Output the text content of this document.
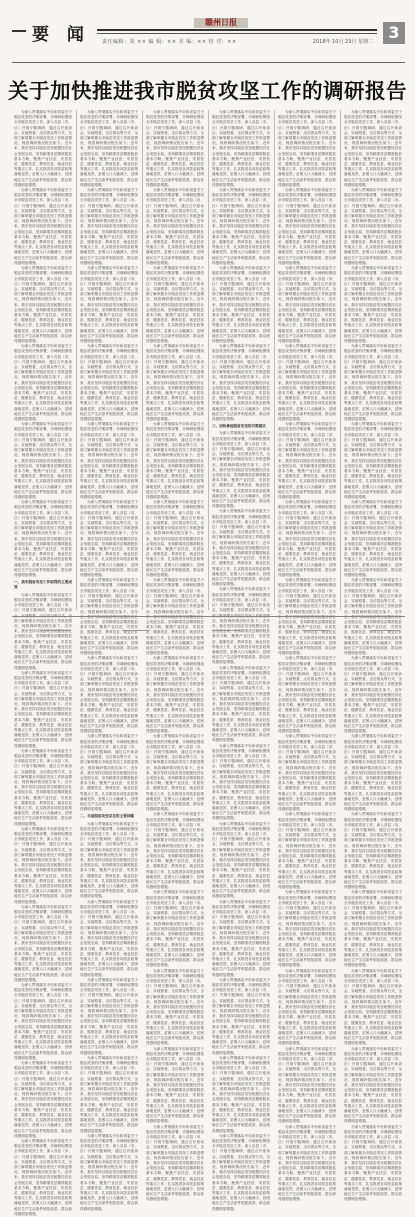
要 闻
赣州日报
责任编辑：刘 ×× 编 辑：×× 美 编：×× 校 对：××	2018年 10月 23日 星期二 3
关于加快推进我市脱贫攻坚工作的调研报告

为深入贯彻落实中央和省委关于脱贫攻坚的决策部署，市调研组围绕全市脱贫攻坚工作，深入各县（市、区）开展专题调研，通过召开座谈会、实地察看、走访群众等方式，全面了解掌握全市脱贫攻坚工作推进情况，现将调研情况报告如下。近年来，我市坚持以脱贫攻坚统揽经济社会发展全局，坚持精准扶贫精准脱贫基本方略，聚焦产业扶贫、安居扶贫、健康扶贫、教育扶贫、就业扶贫等重点工作，扎实推进各项扶贫政策落地见效，贫困人口大幅减少，贫困地区生产生活条件明显改善，群众获得感明显增强。

为深入贯彻落实中央和省委关于脱贫攻坚的决策部署，市调研组围绕全市脱贫攻坚工作，深入各县（市、区）开展专题调研，通过召开座谈会、实地察看、走访群众等方式，全面了解掌握全市脱贫攻坚工作推进情况，现将调研情况报告如下。近年来，我市坚持以脱贫攻坚统揽经济社会发展全局，坚持精准扶贫精准脱贫基本方略，聚焦产业扶贫、安居扶贫、健康扶贫、教育扶贫、就业扶贫等重点工作，扎实推进各项扶贫政策落地见效，贫困人口大幅减少，贫困地区生产生活条件明显改善，群众获得感明显增强。

为深入贯彻落实中央和省委关于脱贫攻坚的决策部署，市调研组围绕全市脱贫攻坚工作，深入各县（市、区）开展专题调研，通过召开座谈会、实地察看、走访群众等方式，全面了解掌握全市脱贫攻坚工作推进情况，现将调研情况报告如下。近年来，我市坚持以脱贫攻坚统揽经济社会发展全局，坚持精准扶贫精准脱贫基本方略，聚焦产业扶贫、安居扶贫、健康扶贫、教育扶贫、就业扶贫等重点工作，扎实推进各项扶贫政策落地见效，贫困人口大幅减少，贫困地区生产生活条件明显改善，群众获得感明显增强。

为深入贯彻落实中央和省委关于脱贫攻坚的决策部署，市调研组围绕全市脱贫攻坚工作，深入各县（市、区）开展专题调研，通过召开座谈会、实地察看、走访群众等方式，全面了解掌握全市脱贫攻坚工作推进情况，现将调研情况报告如下。近年来，我市坚持以脱贫攻坚统揽经济社会发展全局，坚持精准扶贫精准脱贫基本方略，聚焦产业扶贫、安居扶贫、健康扶贫、教育扶贫、就业扶贫等重点工作，扎实推进各项扶贫政策落地见效，贫困人口大幅减少，贫困地区生产生活条件明显改善，群众获得感明显增强。

为深入贯彻落实中央和省委关于脱贫攻坚的决策部署，市调研组围绕全市脱贫攻坚工作，深入各县（市、区）开展专题调研，通过召开座谈会、实地察看、走访群众等方式，全面了解掌握全市脱贫攻坚工作推进情况，现将调研情况报告如下。近年来，我市坚持以脱贫攻坚统揽经济社会发展全局，坚持精准扶贫精准脱贫基本方略，聚焦产业扶贫、安居扶贫、健康扶贫、教育扶贫、就业扶贫等重点工作，扎实推进各项扶贫政策落地见效，贫困人口大幅减少，贫困地区生产生活条件明显改善，群众获得感明显增强。

为深入贯彻落实中央和省委关于脱贫攻坚的决策部署，市调研组围绕全市脱贫攻坚工作，深入各县（市、区）开展专题调研，通过召开座谈会、实地察看、走访群众等方式，全面了解掌握全市脱贫攻坚工作推进情况，现将调研情况报告如下。近年来，我市坚持以脱贫攻坚统揽经济社会发展全局，坚持精准扶贫精准脱贫基本方略，聚焦产业扶贫、安居扶贫、健康扶贫、教育扶贫、就业扶贫等重点工作，扎实推进各项扶贫政策落地见效，贫困人口大幅减少，贫困地区生产生活条件明显改善，群众获得感明显增强。

一、我市脱贫攻坚工作取得的主要成效

为深入贯彻落实中央和省委关于脱贫攻坚的决策部署，市调研组围绕全市脱贫攻坚工作，深入各县（市、区）开展专题调研，通过召开座谈 面了解掌握全市脱贫攻坚工作推进情况，现将调研情况报告如下。近年来，我市坚持以脱贫攻坚统揽经济社会发展全局，坚持精准扶贫精准脱贫基本方略，聚焦产业扶贫、安居扶贫、健康扶贫、教育扶贫、就业扶贫等重点工作，扎实推进各项扶贫政策落地见效，贫困人口大幅减少，贫困地区生产生活条件明显改善，群众获得感明显增强。

为深入贯彻落实中央和省委关于脱贫攻坚的决策部署，市调研组围绕全市脱贫攻坚工作，深入各县（市、区）开展专题调研，通过召开座谈会、实地察看、走访群众等方式，全面了解掌握全市脱贫攻坚工作推进情况，现将调研情况报告如下。近年来，我市坚持以脱贫攻坚统揽经济社会发展全局，坚持精准扶贫精准脱贫基本方略，聚焦产业扶贫、安居扶贫、健康扶贫、教育扶贫、就业扶贫等重点工作，扎实推进各项扶贫政策落地见效，贫困人口大幅减少，贫困地区生产生活条件明显改善，群众获得感明显增强。

为深入贯彻落实中央和省委关于脱贫攻坚的决策部署，市调研组围绕全市脱贫攻坚工作，深入各县（市、区）开展专题调研，通过召开座谈会、实地察看、走访群众等方式，全面了解掌握全市脱贫攻坚工作推进情况，现将调研情况报告如下。近年来，我市坚持以脱贫攻坚统揽经济社会发展全局，坚持精准扶贫精准脱贫基本方略，聚焦产业扶贫、安居扶贫、健康扶贫、教育扶贫、就业扶贫等重点工作，扎实推进各项扶贫政策落地见效，贫困人口大幅减少，贫困地区生产生活条件明显改善，群众获得感明显增强。

为深入贯彻落实中央和省委关于脱贫攻坚的决策部署，市调研组围绕全市脱贫攻坚工作，深入各县（市、区）开展专题调研，通过召开座谈会、实地察看、走访群众等方式，全面了解掌握全市脱贫攻坚工作推进情况，现将调研情况报告如下。近年来，我市坚持以脱贫攻坚统揽经济社会发展全局，坚持精准扶贫精准脱贫基本方略，聚焦产业扶贫、安居扶贫、健康扶贫、教育扶贫、就业扶贫等重点工作，扎实推进各项扶贫政策落地见效，贫困人口大幅减少，贫困地区生产生活条件明显改善，群众获得感明显增强。

为深入贯彻落实中央和省委关于脱贫攻坚的决策部署，市调研组围绕全市脱贫攻坚工作，深入各县（市、区）开展专题调研，通过召开座谈会、实地察看、走访群众等方式，全面了解掌握全市脱贫攻坚工作推进情况，现将调研情况报告如下。近年来，我市坚持以脱贫攻坚统揽经济社会发展全局，坚持精准扶贫精准脱贫基本方略，聚焦产业扶贫、安居扶贫、健康扶贫、教育扶贫、就业扶贫等重点工作，扎实推进各项扶贫政策落地见效，贫困人口大幅减少，贫困地区生产生活条件明显改善，群众获得感明显增强。

为深入贯彻落实中央和省委关于脱贫攻坚的决策部署，市调研组围绕全市脱贫攻坚工作，深入各县（市、区）开展专题调研，通过召开座谈会、实地察看、走访群众等方式，全面了解掌握全市脱贫攻坚工作推进情况，现将调研情况报告如下。近年来，我市坚持以脱贫攻坚统揽经济社会发展全局，坚持精准扶贫精准脱贫基本方略，聚焦产业扶贫、安居扶贫、健康扶贫、教育扶贫、就业扶贫等重点工作，扎实推进各项扶贫政策落地见效，贫困人口大幅减少，贫困地区生产生活条件明显改善，群众获得感明显增强。

为深入贯彻落实中央和省委关于脱贫攻坚的决策部署，市调研组围绕全市脱贫攻坚工作，深入各县（市、区）开展专题调研，通过召开座谈会、实地察看、走访群众等方式，全面了解掌握全市脱贫攻坚工作推进情况，现将调研情况报告如下。近年来，我市坚持以脱贫攻坚统揽经济社会发展全局，坚持精准扶贫精准脱贫基本方略，聚焦产业扶贫、安居扶贫、健康扶贫、教育扶贫、就业扶贫等重点工作，扎实推进各项扶贫政策落地见效，贫困人口大幅减少，贫困地区生产生活条件明显改善，群众获得感明显增强。

为深入贯彻落实中央和省委关于脱贫攻坚的决策部署，市调研组围绕全市脱贫攻坚工作，深入各县（市、区）开展专题调研，通过召开座谈会、实地察看、走访群众等方式，全面了解掌握全市脱贫攻坚工作推进情况，现将调研情况报告如下。近年来，我市坚持以脱贫攻坚统揽经济社会发展全局，坚持精准扶贫精准脱贫基本方略，聚焦产业扶贫、安居扶贫、健康扶贫、教育扶贫、就业扶贫等重点工作，扎实推进各项扶贫政策落地见效，贫困人口大幅减少，贫困地区生产生活条件明显改善，群众获得感明显增强。

为深入贯彻落实中央和省委关于脱贫攻坚的决策部署，市调研组围绕全市脱贫攻坚工作，深入各县（市、区）开展专题调研，通过召开座谈会、实地察看、走访群众等方式，全面了解掌握全市脱贫攻坚工作推进情况，现将调研情况报告如下。近年来，我市坚持以脱贫攻坚统揽经济社会发展全局，坚持精准扶贫精准脱贫基本方略，聚焦产业扶贫、安居扶贫、健康扶贫、教育扶贫、就业扶贫等重点工作，扎实推进各项扶贫政策落地见效，贫困人口大幅减少，贫困地区生产生活条件明显改善，群众获得感明显增强。

为深入贯彻落实中央和省委关于脱贫攻坚的决策部署，市调研组围绕全市脱贫攻坚工作，深入各县（市、区）开展专题调研，通过召开座谈会、实地察看、走访群众等方式，全面了解掌握全市脱贫攻坚工作推进情况，现将调研情况报告如下。近年来，我市坚持以脱贫攻坚统揽经济社会发展全局，坚持精准扶贫精准脱贫基本方略，聚焦产业扶贫、安居扶贫、健康扶贫、教育扶贫、就业扶贫等重点工作，扎实推进各项扶贫政策落地见效，贫困人口大幅减少，贫困地区生产生活条件明显改善，群众获得感明显增强。

为深入贯彻落实中央和省委关于脱贫攻坚的决策部署，市调研组围绕全市脱贫攻坚工作，深入各县（市、区）开展专题调研，通过召开座谈会、实地察看、走访群众等方式，全面了解掌握全市脱贫攻坚工作推进情况，现将调研情况报告如下。近年来，我市坚持以脱贫攻坚统揽经济社会发展全局，坚持精准扶贫精准脱贫基本方略，聚焦产业扶贫、安居扶贫、健康扶贫、教育扶贫、就业扶贫等重点工作，扎实推进各项扶贫政策落地见效，贫困人口大幅减少，贫困地区生产生活条件明显改善，群众获得感明显增强。

为深入贯彻落实中央和省委关于脱贫攻坚的决策部署，市调研组围绕全市脱贫攻坚工作，深入各县（市、区）开展专题调研，通过召开座谈会、实地察看、走访群众等方式，全面了解掌握全市脱贫攻坚工作推进情况，现将调研情况报告如下。近年来，我市坚持以脱贫攻坚统揽经济社会发展全局，坚持精准扶贫精准脱贫基本方略，聚焦产业扶贫、安居扶贫、健康扶贫、教育扶贫、就业扶贫等重点工作，扎实推进各项扶贫政策落地见效，贫困人口大幅减少，贫困地区生产生活条件明显改善，群众获得感明显增强。

为深入贯彻落实中央和省委关于脱贫攻坚的决策部署，市调研组围绕全市脱贫攻坚工作，深入各县（市、区）开展专题调研，通过召开座谈会、实地察看、走访群众等方式，全面了解掌握全市脱贫攻坚工作推进情况，现将调研情况报告如下。近年来，我市坚持以脱贫攻坚统揽经济社会发展全局，坚持精准扶贫精准脱贫基本方略，聚焦产业扶贫、安居扶贫、健康扶贫、教育扶贫、就业扶贫等重点工作，扎实推进各项扶贫政策落地见效，贫困人口大幅减少，贫困地区生产生活条件明显改善，群众获得感明显增强。

为深入贯彻落实中央和省委关于脱贫攻坚的决策部署，市调研组围绕全市脱贫攻坚工作，深入各县（市、区）开展专题调研，通过召开座谈会、实地察看、走访群众等方式，全面了解掌握全市脱贫攻坚工作推进情况，现将调研情况报告如下。近年来，我市坚持以脱贫攻坚统揽经济社会发展全局，坚持精准扶贫精准脱贫基本方略，聚焦产业扶贫、安居扶贫、健康扶贫、教育扶贫、就业扶贫等重点工作，扎实推进各项扶贫政策落地见效，贫困人口大幅减少，贫困地区生产生活条件明显改善，群众获得感明显增强。

为深入贯彻落实中央和省委关于脱贫攻坚的决策部署，市调研组围绕全市脱贫攻坚工作，深入各县（市、区）开展专题调研，通过召开座谈会、实地察看、走访群众等方式，全面了解掌握全市脱贫攻坚工作推进情况，现将调研情况报告如下。近年 会发展全局，坚持精准扶贫精准脱贫基本方略，聚焦产业扶贫、安居扶贫、健康扶贫、教育扶贫、就业扶贫等重点工作，扎实推进各项扶贫政策落地见效，贫困人口大幅减少，贫困地区生产生活条件明显改善，群众获得感明显增强。

为深入贯彻落实中央和省委关于脱贫攻坚的决策部署，市调研组围绕全市脱贫攻坚工作，深入各县（市、区）开展专题调研，通过召开座谈会、实地察看、走访群众等方式，全面了解掌握全市脱贫攻坚工作推进情况，现将调研情况报告如下。近年来，我市坚持以脱贫攻坚统揽经济社会发展全局，坚持精准扶贫精准脱贫基本方略，聚焦产业扶贫、安居扶贫、健康扶贫、教育扶贫、就业扶贫等重点工作，扎实推进各项扶贫政策落地见效，贫困人口大幅减少，贫困地区生产生活条件明显改善，群众获得感明显增强。

为深入贯彻落实中央和省委关于脱贫攻坚的决策部署，市调研组围绕全市脱贫攻坚工作，深入各县（市、区）开展专题调研，通过召开座谈会、实地察看、走访群众等方式，全面了解掌握全市脱贫攻坚工作推进情况，现将调研情况报告如下。近年来，我市坚持以脱贫攻坚统揽经济社会发展全局，坚持精准扶贫精准脱贫基本方略，聚焦产业扶贫、安居扶贫、健康扶贫、教育扶贫、就业扶贫等重点工作，扎实推进各项扶贫政策落地见效，贫困人口大幅减少，贫困地区生产生活条件明显改善，群众获得感明显增强。

二、当前脱贫攻坚存在的主要问题

为深入贯彻落实中央和省委关于脱贫攻坚的决策部署，市调研组围绕全市脱贫攻坚工作，深入各县（市、区）开展专题调研，通过召开座谈会、实地察看、走访群众等方式，全面了解掌握全市脱贫攻坚工作推进情况，现将调研情况报告如下。近年来，我市坚持以脱贫攻坚统揽经济社会发展全局，坚持精准扶贫精准脱贫基本方略，聚焦产业扶贫、安居扶贫、健康扶贫、教育扶贫、就业扶贫等重点工作，扎实推进各项扶贫政策落地见效，贫困人口大幅减少，贫困地区生产生活条件明显改善，群众获得感明显增强。

为深入贯彻落实中央和省委关于脱贫攻坚的决策部署，市调研组围绕全市脱贫攻坚工作，深入各县（市、区）开展专题调研，通过召开座谈会、实地察看、走访群众等方式，全面了解掌握全市脱贫攻坚工作推进情况，现将调研情况报告如下。近年来，我市坚持以脱贫攻坚统揽经济社会发展全局，坚持精准扶贫精准脱贫基本方略，聚焦产业扶贫、安居扶贫、健康扶贫、教育扶贫、就业扶贫等重点工作，扎实推进各项扶贫政策落地见效，贫困人口大幅减少，贫困地区生产生活条件明显改善，群众获得感明显增强。

为深入贯彻落实中央和省委关于脱贫攻坚的决策部署，市调研组围绕全市脱贫攻坚工作，深入各县（市、区）开展专题调研，通过召开座谈会、实地察看、走访群众等方式，全面了解掌握全市脱贫攻坚工作推进情况，现将调研情况报告如下。近年来，我市坚持以脱贫攻坚统揽经济社会发展全局，坚持精准扶贫精准脱贫基本方略，聚焦产业扶贫、安居扶贫、健康扶贫、教育扶贫、就业扶贫等重点工作，扎实推进各项扶贫政策落地见效，贫困人口大幅减少，贫困地区生产生活条件明显改善，群众获得感明显增强。

为深入贯彻落实中央和省委关于脱贫攻坚的决策部署，市调研组围绕全市脱贫攻坚工作，深入各县（市、区）开展专题调研，通过召开座谈会、实地察看、走访群众等方式，全面了解掌握全市脱贫攻坚工作推进情况，现将调研情况报告如下。近年来，我市坚持以脱贫攻坚统揽经济社会发展全局，坚持精准扶贫精准脱贫基本方略，聚焦产业扶贫、安居扶贫、健康扶贫、教育扶贫、就业扶贫等重点工作，扎实推进各项扶贫政策落地见效，贫困人口大幅减少，贫困地区生产生活条件明显改善，群众获得感明显增强。

为深入贯彻落实中央和省委关于脱贫攻坚的决策部署，市调研组围绕全市脱贫攻坚工作，深入各县（市、区）开展专题调研，通过召开座谈会、实地察看、走访群众等方式，全面了解掌握全市脱贫攻坚工作推进情况，现将调研情况报告如下。近年来，我市坚持以脱贫攻坚统揽经济社会发展全局，坚持精准扶贫精准脱贫基本方略，聚焦产业扶贫、安居扶贫、健康扶贫、教育扶贫、就业扶贫等重点工作，扎实推进各项扶贫政策落地见效，贫困人口大幅减少，贫困地区生产生活条件明显改善，群众获得感明显增强。

为深入贯彻落实中央和省委关于脱贫攻坚的决策部署，市调研组围绕全市脱贫攻坚工作，深入各县（市、区）开展专题调研，通过召开座谈会、实地察看、走访群众等方式，全面了解掌握全市脱贫攻坚工作推进情况，现将调研情况报告如下。近年来，我市坚持以脱贫攻坚统揽经济社会发展全局，坚持精准扶贫精准脱贫基本方略，聚焦产业扶贫、安居扶贫、健康扶贫、教育扶贫、就业扶贫等重点工作，扎实推进各项扶贫政策落地见效，贫困人口大幅减少，贫困地区生产生活条件明显改善，群众获得感明显增强。

为深入贯彻落实中央和省委关于脱贫攻坚的决策部署，市调研组围绕全市脱贫攻坚工作，深入各县（市、区）开展专题调研，通过召开座谈会、实地察看、走访群众等方式，全面了解掌握全市脱贫攻坚工作推进情况，现将调研情况报告如下。近年来，我市坚持以脱贫攻坚统揽经济社会发展全局，坚持精准扶贫精准脱贫基本方略，聚焦产业扶贫、安居扶贫、健康扶贫、教育扶贫、就业扶贫等重点工作，扎实推进各项扶贫政策落地见效，贫困人口大幅减少，贫困地区生产生活条件明显改善，群众获得感明显增强。

为深入贯彻落实中央和省委关于脱贫攻坚的决策部署，市调研组围绕全市脱贫攻坚工作，深入各县（市、区）开展专题调研，通过召开座谈会、实地察看、走访群众等方式，全面了解掌握全市脱贫攻坚工作推进情况，现将调研情况报告如下。近年来，我市坚持以脱贫攻坚统揽经济社会发展全局，坚持精准扶贫精准脱贫基本方略，聚焦产业扶贫、安居扶贫、健康扶贫、教育扶贫、就业扶贫等重点工作，扎实推进各项扶贫政策落地见效，贫困人口大幅减少，贫困地区生产生活条件明显改善，群众获得感明显增强。

为深入贯彻落实中央和省委关于脱贫攻坚的决策部署，市调研组围绕全市脱贫攻坚工作，深入各县（市、区）开展专题调研，通过召开座谈会、实地察看、走访群众等方式，全面了解掌握全市脱贫攻坚工作推进情况，现将调研情况报告如下。近年来，我市坚持以脱贫攻坚统揽经济社会发展全局，坚持精准扶贫精准脱贫基本方略，聚焦产业扶贫、安居扶贫、健康扶贫、教育扶贫、就业扶贫等重点工作，扎实推进各项扶贫政策落地见效，贫困人口大幅减少，贫困地区生产生活条件明显改善，群众获得感明显增强。

为深入贯彻落实中央和省委关于脱贫攻坚的决策部署，市调研组围绕全市脱贫攻坚工作，深入各县（市、区）开展专题调研，通过召开座谈会、实地察看、走访群众等方式，全面了解掌握全市脱贫攻坚工作推进情况，现将调研情况报告如下。近年来，我市坚持以脱贫攻坚统揽经济社会发展全局，坚持精准扶贫精准脱贫基本方略，聚焦产业扶贫、安居扶贫、健康扶贫、教育扶贫、就业扶贫等重点工作，扎实推进各项扶贫政策落地见效，贫困人口大幅减少，贫困地区生产生活条件明显改善，群众获得感明显增强。

为深入贯彻落实中央和省委关于脱贫攻坚的决策部署，市调研组围绕全市脱贫攻坚工作，深入各县（市、区）开展专题调研，通过召开座谈会、实地察看、走访群众等方式，全面了解掌握全市脱贫攻坚工作推进情况，现将调研情况报告如下。近年来，我市坚持以脱贫攻坚统揽经济社会发展全局，坚持精准扶贫精准脱贫基本方略，聚焦产业扶贫、安居扶贫、健康扶贫、教育扶贫、就业扶贫等重点工作，扎实推进各项扶贫政策落地见效，贫困人口大幅减少，贫困地区生产生活条件明显改善，群众获得感明显增强。

为深入贯彻落实中央和省委关于脱贫攻坚的决策部署，市调研组围绕全市脱贫攻坚工作，深入各县（市、区）开展专题调研，通过召开座谈会、实地察看、走访群众等方式，全面了解掌握全市脱贫攻坚工作推进情况，现将调研情况报告如下。近年 会发展全局，坚持精准扶贫精准脱贫基本方略，聚焦产业扶贫、安居扶贫、健康扶贫、教育扶贫、就业扶贫等重点工作，扎实推进各项扶贫政策落地见效，贫困人口大幅减少，贫困地区生产生活条件明显改善，群众获得感明显增强。

为深入贯彻落实中央和省委关于脱贫攻坚的决策部署，市调研组围绕全市脱贫攻坚工作，深入各县（市、区）开展专题调研，通过召开座谈会、实地察看、走访群众等方式，全面了解掌握全市脱贫攻坚工作推进情况，现将调研情况报告如下。近年来，我市坚持以脱贫攻坚统揽经济社会发展全局，坚持精准扶贫精准脱贫基本方略，聚焦产业扶贫、安居扶贫、健康扶贫、教育扶贫、就业扶贫等重点工作，扎实推进各项扶贫政策落地见效，贫困人口大幅减少，贫困地区生产生活条件明显改善，群众获得感明显增强。

为深入贯彻落实中央和省委关于脱贫攻坚的决策部署，市调研组围绕全市脱贫攻坚工作，深入各县（市、区）开展专题调研，通过召开座谈会、实地察看、走访群众等方式，全面了解掌握全市脱贫攻坚工作推进情况，现将调研情况报告如下。近年来，我市坚持以脱贫攻坚统揽经济社会发展全局，坚持精准扶贫精准脱贫基本方略，聚焦产业扶贫、安居扶贫、健康扶贫、教育扶贫、就业扶贫等重点工作，扎实推进各项扶贫政策落地见效，贫困人口大幅减少，贫困地区生产生活条件明显改善，群众获得感明显增强。

为深入贯彻落实中央和省委关于脱贫攻坚的决策部署，市调研组围绕全市脱贫攻坚工作，深入各县（市、区）开展专题调研，通过召开座谈会、实地察看、走访群众等方式，全面了解掌握全市脱贫攻坚工作推进情况，现将调研情况报告如下。近年来，我市坚持以脱贫攻坚统揽经济社会发展全局，坚持精准扶贫精准脱贫基本方略，聚焦产业扶贫、安居扶贫、健康扶贫、教育扶贫、就业扶贫等重点工作，扎实推进各项扶贫政策落地见效，贫困人口大幅减少，贫困地区生产生活条件明显改善，群众获得感明显增强。

为深入贯彻落实中央和省委关于脱贫攻坚的决策部署，市调研组围绕全市脱贫攻坚工作，深入各县（市、区）开展专题调研，通过召开座谈会、实地察看、走访群众等方式，全面了解掌握全市脱贫攻坚工作推进情况，现将调研情况报告如下。近年来，我市坚持以脱贫攻坚统揽经济社会发展全局，坚持精准扶贫精准脱贫基本方略，聚焦产业扶贫、安居扶贫、健康扶贫、教育扶贫、就业扶贫等重点工作，扎实推进各项扶贫政策落地见效，贫困人口大幅减少，贫困地区生产生活条件明显改善，群众获得感明显增强。

为深入贯彻落实中央和省委关于脱贫攻坚的决策部署，市调研组围绕全市脱贫攻坚工作，深入各县（市、区）开展专题调研，通过召开座谈会、实地察看、走访群众等方式，全面了解掌握全市脱贫攻坚工作推进情况，现将调研情况报告如下。近年来，我市坚持以脱贫攻坚统揽经济社会发展全局，坚持精准扶贫精准脱贫基本方略，聚焦产业扶贫、安居扶贫、健康扶贫、教育扶贫、就业扶贫等重点工作，扎实推进各项扶贫政策落地见效，贫困人口大幅减少，贫困地区生产生活条件明显改善，群众获得感明显增强。

为深入贯彻落实中央和省委关于脱贫攻坚的决策部署，市调研组围绕全市脱贫攻坚工作，深入各县（市、区）开展专题调研，通过召开座谈会、实地察看、走访群众等方式，全面了解掌握全市脱贫攻坚工作推进情况，现将调研情况报告如下。近年来，我市坚持以脱贫攻坚统揽经济社会发展全局，坚持精准扶贫精准脱贫基本方略，聚焦产业扶贫、安居扶贫、健康扶贫、教育扶贫、就业扶贫等重点工作，扎实推进各项扶贫政策落地见效，贫困人口大幅减少，贫困地区生产生活条件明显改善，群众获得感明显增强。

为深入贯彻落实中央和省委关于脱贫攻坚的决策部署，市调研组围绕全市脱贫攻坚工作，深入各县（市、区）开展专题调研，通过召开座谈会、实地察看、走访群众等方式，全面了解掌握全市脱贫攻坚工作推进情况，现将调研情况报告如下。近年来，我市坚持以脱贫攻坚统揽经济社会发展全局，坚持精准扶贫精准脱贫基本方略，聚焦产业扶贫、安居扶贫、健康扶贫、教育扶贫、就业扶贫等重点工作，扎实推进各项扶贫政策落地见效，贫困人口大幅减少，贫困地区生产生活条件明显改善，群众获得感明显增强。

为深入贯彻落实中央和省委关于脱贫攻坚的决策部署，市调研组围绕全市脱贫攻坚工作，深入各县（市、区）开展专题调研，通过召开座谈会、实地察看、走访群众等方式，全面了解掌握全市脱贫攻坚工作推进情况，现将调研情况报告如下。近年来，我市坚持以脱贫攻坚统揽经济社会发展全局，坚持精准扶贫精准脱贫基本方略，聚焦产业扶贫、安居扶贫、健康扶贫、教育扶贫、就业扶贫等重点工作，扎实推进各项扶贫政策落地见效，贫困人口大幅减少，贫困地区生产生活条件明显改善，群众获得感明显增强。

为深入贯彻落实中央和省委关于脱贫攻坚的决策部署，市调研组围绕全市脱贫攻坚工作，深入各县（市、区）开展专题调研，通过召开座谈会、实地察看、走访群众等方式，全面了解掌握全市脱贫攻坚工作推进情况，现将调研情况报告如下。近年来，我市坚持以脱贫攻坚统揽经济社会发展全局，坚持精准扶贫精准脱贫基本方略，聚焦产业扶贫、安居扶贫、健康扶贫、教育扶贫、就业扶贫等重点工作，扎实推进各项扶贫政策落地见效，贫困人口大幅减少，贫困地区生产生活条件明显改善，群众获得感明显增强。

为深入贯彻落实中央和省委关于脱贫攻坚的决策部署，市调研组围绕全市脱贫攻坚工作，深入各县（市、区）开展专题调研，通过召开座谈会、实地察看、走访群众等方式，全面了解掌握全市脱贫攻坚工作推进情况，现将调研情况报告如下。近年来，我市坚持以脱贫攻坚统揽经济社会发展全局，坚持精准扶贫精准脱贫基本方略，聚焦产业扶贫、安居扶贫、健康扶贫、教育扶贫、就业扶贫等重点工作，扎实推进各项扶贫政策落地见效，贫困人口大幅减少，贫困地区生产生活条件明显改善，群众获得感明显增强。

为深入贯彻落实中央和省委关于脱贫攻坚的决策部署，市调研组围绕全市脱贫攻坚工作，深入各县（市、区）开展专题调研，通过召开座谈会、实地察看、走访群众等方式，全面了解掌握全市脱贫攻坚工作推进情况，现将调研情况报告如下。近年来，我市坚持以脱贫攻坚统揽经济社会发展全局，坚持精准扶贫精准脱贫基本方略，聚焦产业扶贫、安居扶贫、健康扶贫、教育扶贫、就业扶贫等重点工作，扎实推进各项扶贫政策落地见效，贫困人口大幅减少，贫困地区生产生活条件明显改善，群众获得感明显增强。

三、加快推进脱贫攻坚的对策建议

为深入贯彻落实中央和省委关于脱贫攻坚的决策部署，市调研组围绕全市脱贫攻坚工作，深入各县（市、区）开展专题调研，通过召开座谈会、实地察看、走访群众等方式，全面了解掌握全市脱贫攻坚工作推进情况，现将调研情况报告如下。近年来，我市坚持以脱贫攻坚统揽经济社会发展全局，坚持精准扶贫精准脱贫基本方略，聚焦产业扶贫、安居扶贫、健康扶贫、教育扶贫、就业扶贫等重点工作，扎实推进各项扶贫政策落地见效，贫困人口大幅减少，贫困地区生产生活条件明显改善，群众获得感明显增强。

为深入贯彻落实中央和省委关于脱贫攻坚的决策部署，市调研组围绕全市脱贫攻坚工作，深入各县（市、区）开展专题调研，通过召开座谈会、实地察看、走访群众等方式，全面了解掌握全市脱贫攻坚工作推进情况，现将调研情况报告如下。近年来，我市坚持以脱贫攻坚统揽经济社会发展全局，坚持精准扶贫精准脱贫基本方略，聚焦产业扶贫、安居扶贫、健康扶贫、教育扶贫、就业扶贫等重点工作，扎实推进各项扶贫政策落地见效，贫困人口大幅减少，贫困地区生产生活条件明显改善，群众获得感明显增强。

为深入贯彻落实中央和省委关于脱贫攻坚的决策部署，市调研组围绕全市脱贫攻坚工作，深入各县（市、区）开展专题调研，通过召开座谈会、实地察看、走访群众等方式，全 况，现将调研情况报告如下。近年来，我市坚持以脱贫攻坚统揽经济社会发展全局，坚持精准扶贫精准脱贫基本方略，聚焦产业扶贫、安居扶贫、健康扶贫、教育扶贫、就业扶贫等重点工作，扎实推进各项扶贫政策落地见效，贫困人口大幅减少，贫困地区生产生活条件明显改善，群众获得感明显增强。

为深入贯彻落实中央和省委关于脱贫攻坚的决策部署，市调研组围绕全市脱贫攻坚工作，深入各县（市、区）开展专题调研，通过召开座谈会、实地察看、走访群众等方式，全面了解掌握全市脱贫攻坚工作推进情况，现将调研情况报告如下。近年来，我市坚持以脱贫攻坚统揽经济社会发展全局，坚持精准扶贫精准脱贫基本方略，聚焦产业扶贫、安居扶贫、健康扶贫、教育扶贫、就业扶贫等重点工作，扎实推进各项扶贫政策落地见效，贫困人口大幅减少，贫困地区生产生活条件明显改善，群众获得感明显增强。

为深入贯彻落实中央和省委关于脱贫攻坚的决策部署，市调研组围绕全市脱贫攻坚工作，深入各县（市、区）开展专题调研，通过召开座谈会、实地察看、走访群众等方式，全面了解掌握全市脱贫攻坚工作推进情况，现将调研情况报告如下。近年来，我市坚持以脱贫攻坚统揽经济社会发展全局，坚持精准扶贫精准脱贫基本方略，聚焦产业扶贫、安居扶贫、健康扶贫、教育扶贫、就业扶贫等重点工作，扎实推进各项扶贫政策落地见效，贫困人口大幅减少，贫困地区生产生活条件明显改善，群众获得感明显增强。

为深入贯彻落实中央和省委关于脱贫攻坚的决策部署，市调研组围绕全市脱贫攻坚工作，深入各县（市、区）开展专题调研，通过召开座谈会、实地察看、走访群众等方式，全面了解掌握全市脱贫攻坚工作推进情况，现将调研情况报告如下。近年来，我市坚持以脱贫攻坚统揽经济社会发展全局，坚持精准扶贫精准脱贫基本方略，聚焦产业扶贫、安居扶贫、健康扶贫、教育扶贫、就业扶贫等重点工作，扎实推进各项扶贫政策落地见效，贫困人口大幅减少，贫困地区生产生活条件明显改善，群众获得感明显增强。

为深入贯彻落实中央和省委关于脱贫攻坚的决策部署，市调研组围绕全市脱贫攻坚工作，深入各县（市、区）开展专题调研，通过召开座谈会、实地察看、走访群众等方式，全面了解掌握全市脱贫攻坚工作推进情况，现将调研情况报告如下。近年来，我市坚持以脱贫攻坚统揽经济社会发展全局，坚持精准扶贫精准脱贫基本方略，聚焦产业扶贫、安居扶贫、健康扶贫、教育扶贫、就业扶贫等重点工作，扎实推进各项扶贫政策落地见效，贫困人口大幅减少，贫困地区生产生活条件明显改善，群众获得感明显增强。

为深入贯彻落实中央和省委关于脱贫攻坚的决策部署，市调研组围绕全市脱贫攻坚工作，深入各县（市、区）开展专题调研，通过召开座谈会、实地察看、走访群众等方式，全面了解掌握全市脱贫攻坚工作推进情况，现将调研情况报告如下。近年来，我市坚持以脱贫攻坚统揽经济社会发展全局，坚持精准扶贫精准脱贫基本方略，聚焦产业扶贫、安居扶贫、健康扶贫、教育扶贫、就业扶贫等重点工作，扎实推进各项扶贫政策落地见效，贫困人口大幅减少，贫困地区生产生活条件明显改善，群众获得感明显增强。

为深入贯彻落实中央和省委关于脱贫攻坚的决策部署，市调研组围绕全市脱贫攻坚工作，深入各县（市、区）开展专题调研，通过召开座谈会、实地察看、走访群众等方式，全面了解掌握全市脱贫攻坚工作推进情况，现将调研情况报告如下。近年来，我市坚持以脱贫攻坚统揽经济社会发展全局，坚持精准扶贫精准脱贫基本方略，聚焦产业扶贫、安居扶贫、健康扶贫、教育扶贫、就业扶贫等重点工作，扎实推进各项扶贫政策落地见效，贫困人口大幅减少，贫困地区生产生活条件明显改善，群众获得感明显增强。

为深入贯彻落实中央和省委关于脱贫攻坚的决策部署，市调研组围绕全市脱贫攻坚工作，深入各县（市、区）开展专题调研，通过召开座谈会、实地察看、走访群众等方式，全面了解掌握全市脱贫攻坚工作推进情况，现将调研情况报告如下。近年来，我市坚持以脱贫攻坚统揽经济社会发展全局，坚持精准扶贫精准脱贫基本方略，聚焦产业扶贫、安居扶贫、健康扶贫、教育扶贫、就业扶贫等重点工作，扎实推进各项扶贫政策落地见效，贫困人口大幅减少，贫困地区生产生活条件明显改善，群众获得感明显增强。

为深入贯彻落实中央和省委关于脱贫攻坚的决策部署，市调研组围绕全市脱贫攻坚工作，深入各县（市、区）开展专题调研，通过召开座谈会、实地察看、走访群众等方式，全面了解掌握全市脱贫攻坚工作推进情况，现将调研情况报告如下。近年来，我市坚持以脱贫攻坚统揽经济社会发展全局，坚持精准扶贫精准脱贫基本方略，聚焦产业扶贫、安居扶贫、健康扶贫、教育扶贫、就业扶贫等重点工作，扎实推进各项扶贫政策落地见效，贫困人口大幅减少，贫困地区生产生活条件明显改善，群众获得感明显增强。

为深入贯彻落实中央和省委关于脱贫攻坚的决策部署，市调研组围绕全市脱贫攻坚工作，深入各县（市、区）开展专题调研，通过召开座谈会、实地察看、走访群众等方式，全面了解掌握全市脱贫攻坚工作推进情况，现将调研情况报告如下。近年来，我市坚持以脱贫攻坚统揽经济社会发展全局，坚持精准扶贫精准脱贫基本方略，聚焦产业扶贫、安居扶贫、健康扶贫、教育扶贫、就业扶贫等重点工作，扎实推进各项扶贫政策落地见效，贫困人口大幅减少，贫困地区生产生活条件明显改善，群众获得感明显增强。

为深入贯彻落实中央和省委关于脱贫攻坚的决策部署，市调研组围绕全市脱贫攻坚工作，深入各县（市、区）开展专题调研，通过召开座谈会、实地察看、走访群众等方式，全面了解掌握全市脱贫攻坚工作推进情况，现将调研情况报告如下。近年来，我市坚持以脱贫攻坚统揽经济社会发展全局，坚持精准扶贫精准脱贫基本方略，聚焦产业扶贫、安居扶贫、健康扶贫、教育扶贫、就业扶贫等重点工作，扎实推进各项扶贫政策落地见效，贫困人口大幅减少，贫困地区生产生活条件明显改善，群众获得感明显增强。

为深入贯彻落实中央和省委关于脱贫攻坚的决策部署，市调研组围绕全市脱贫攻坚工作，深入各县（市、区）开展专题调研，通过召开座谈会、实地察看、走访群众等方式，全面了解掌握全市脱贫攻坚工作推进情况，现将调研情况报告如下。近年来，我市坚持以脱贫攻坚统揽经济社会发展全局，坚持精准扶贫精准脱贫基本方略，聚焦产业扶贫、安居扶贫、健康扶贫、教育扶贫、就业扶贫等重点工作，扎实推进各项扶贫政策落地见效，贫困人口大幅减少，贫困地区生产生活条件明显改善，群众获得感明显增强。

为深入贯彻落实中央和省委关于脱贫攻坚的决策部署，市调研组围绕全市脱贫攻坚工作，深入各县（市、区）开展专题调研，通过召开座谈会、实地察看、走访群众等方式，全面了解掌握全市脱贫攻坚工作推进情况，现将调研情况报告如下。近年来，我市坚持以脱贫攻坚统揽经济社会发展全局，坚持精准扶贫精准脱贫基本方略，聚焦产业扶贫、安居扶贫、健康扶贫、教育扶贫、就业扶贫等重点工作，扎实推进各项扶贫政策落地见效，贫困人口大幅减少，贫困地区生产生活条件明显改善，群众获得感明显增强。

为深入贯彻落实中央和省委关于脱贫攻坚的决策部署，市调研组围绕全市脱贫攻坚工作，深入各县（市、区）开展专题调研，通过召开座谈会、实地察看、走访群众等方式，全面了解掌握全市脱贫攻坚工作推进情况，现将调研情况报告如下。近年来，我市坚持以脱贫攻坚统揽经济社会发展全局，坚持精准扶贫精准脱贫基本方略，聚焦产业扶贫、安居扶贫、健康扶贫、教育扶贫、就业扶贫等重点工作，扎实推进各项扶贫政策落地见效，贫困人口大幅减少，贫困地区生产生活条件明显改善，群众获得感明显增强。

为深入贯彻落实中央和省委关于脱贫攻坚的决策部署，市调研组围绕全市脱贫攻坚工作，深入各县（市、区）开展专题调研，通过召开座谈会、实地察看、走访群众等方式，全面了解掌握全市脱贫攻坚工作推进情况，现将调研情况报告如下。近年 会发展全局，坚持精准扶贫精准脱贫基本方略，聚焦产业扶贫、安居扶贫、健康扶贫、教育扶贫、就业扶贫等重点工作，扎实推进各项扶贫政策落地见效，贫困人口大幅减少，贫困地区生产生活条件明显改善，群众获得感明显增强。

为深入贯彻落实中央和省委关于脱贫攻坚的决策部署，市调研组围绕全市脱贫攻坚工作，深入各县（市、区）开展专题调研，通过召开座谈会、实地察看、走访群众等方式，全面了解掌握全市脱贫攻坚工作推进情况，现将调研情况报告如下。近年来，我市坚持以脱贫攻坚统揽经济社会发展全局，坚持精准扶贫精准脱贫基本方略，聚焦产业扶贫、安居扶贫、健康扶贫、教育扶贫、就业扶贫等重点工作，扎实推进各项扶贫政策落地见效，贫困人口大幅减少，贫困地区生产生活条件明显改善，群众获得感明显增强。

为深入贯彻落实中央和省委关于脱贫攻坚的决策部署，市调研组围绕全市脱贫攻坚工作，深入各县（市、区）开展专题调研，通过召开座谈会、实地察看、走访群众等方式，全面了解掌握全市脱贫攻坚工作推进情况，现将调研情况报告如下。近年来，我市坚持以脱贫攻坚统揽经济社会发展全局，坚持精准扶贫精准脱贫基本方略，聚焦产业扶贫、安居扶贫、健康扶贫、教育扶贫、就业扶贫等重点工作，扎实推进各项扶贫政策落地见效，贫困人口大幅减少，贫困地区生产生活条件明显改善，群众获得感明显增强。

为深入贯彻落实中央和省委关于脱贫攻坚的决策部署，市调研组围绕全市脱贫攻坚工作，深入各县（市、区）开展专题调研，通过召开座谈会、实地察看、走访群众等方式，全面了解掌握全市脱贫攻坚工作推进情况，现将调研情况报告如下。近年来，我市坚持以脱贫攻坚统揽经济社会发展全局，坚持精准扶贫精准脱贫基本方略，聚焦产业扶贫、安居扶贫、健康扶贫、教育扶贫、就业扶贫等重点工作，扎实推进各项扶贫政策落地见效，贫困人口大幅减少，贫困地区生产生活条件明显改善，群众获得感明显增强。

为深入贯彻落实中央和省委关于脱贫攻坚的决策部署，市调研组围绕全市脱贫攻坚工作，深入各县（市、区）开展专题调研，通过召开座谈会、实地察看、走访群众等方式，全面了解掌握全市脱贫攻坚工作推进情况，现将调研情况报告如下。近年来，我市坚持以脱贫攻坚统揽经济社会发展全局，坚持精准扶贫精准脱贫基本方略，聚焦产业扶贫、安居扶贫、健康扶贫、教育扶贫、就业扶贫等重点工作，扎实推进各项扶贫政策落地见效，贫困人口大幅减少，贫困地区生产生活条件明显改善，群众获得感明显增强。

为深入贯彻落实中央和省委关于脱贫攻坚的决策部署，市调研组围绕全市脱贫攻坚工作，深入各县（市、区）开展专题调研，通过召开座谈会、实地察看、走访群众等方式，全面了解掌握全市脱贫攻坚工作推进情况，现将调研情况报告如下。近年来，我市坚持以脱贫攻坚统揽经济社会发展全局，坚持精准扶贫精准脱贫基本方略，聚焦产业扶贫、安居扶贫、健康扶贫、教育扶贫、就业扶贫等重点工作，扎实推进各项扶贫政策落地见效，贫困人口大幅减少，贫困地区生产生活条件明显改善，群众获得感明显增强。

为深入贯彻落实中央和省委关于脱贫攻坚的决策部署，市调研组围绕全市脱贫攻坚工作，深入各县（市、区）开展专题调研，通过召开座谈会、实地察看、走访群众等方式，全面了解掌握全市脱贫攻坚工作推进情况，现将调研情况报告如下。近年来，我市坚持以脱贫攻坚统揽经济社会发展全局，坚持精准扶贫精准脱贫基本方略，聚焦产业扶贫、安居扶贫、健康扶贫、教育扶贫、就业扶贫等重点工作，扎实推进各项扶贫政策落地见效，贫困人口大幅减少，贫困地区生产生活条件明显改善，群众获得感明显增强。

为深入贯彻落实中央和省委关于脱贫攻坚的决策部署，市调研组围绕全市脱贫攻坚工作，深入各县（市、区）开展专题调研，通过召开座谈会、实地察看、走访群众等方式，全面了解掌握全市脱贫攻坚工作推进情况，现将调研情况报告如下。近年来，我市坚持以脱贫攻坚统揽经济社会发展全局，坚持精准扶贫精准脱贫基本方略，聚焦产业扶贫、安居扶贫、健康扶贫、教育扶贫、就业扶贫等重点工作，扎实推进各项扶贫政策落地见效，贫困人口大幅减少，贫困地区生产生活条件明显改善，群众获得感明显增强。

为深入贯彻落实中央和省委关于脱贫攻坚的决策部署，市调研组围绕全市脱贫攻坚工作，深入各县（市、区）开展专题调研，通过召开座谈会、实地察看、走访群众等方式，全面了解掌握全市脱贫攻坚工作推进情况，现将调研情况报告如下。近年来，我市坚持以脱贫攻坚统揽经济社会发展全局，坚持精准扶贫精准脱贫基本方略，聚焦产业扶贫、安居扶贫、健康扶贫、教育扶贫、就业扶贫等重点工作，扎实推进各项扶贫政策落地见效，贫困人口大幅减少，贫困地区生产生活条件明显改善，群众获得感明显增强。

为深入贯彻落实中央和省委关于脱贫攻坚的决策部署，市调研组围绕全市脱贫攻坚工作，深入各县（市、区）开展专题调研，通过召开座谈会、实地察看、走访群众等方式，全面了解掌握全市脱贫攻坚工作推进情况，现将调研情况报告如下。近年来，我市坚持以脱贫攻坚统揽经济社会发展全局，坚持精准扶贫精准脱贫基本方略，聚焦产业扶贫、安居扶贫、健康扶贫、教育扶贫、就业扶贫等重点工作，扎实推进各项扶贫政策落地见效，贫困人口大幅减少，贫困地区生产生活条件明显改善，群众获得感明显增强。

为深入贯彻落实中央和省委关于脱贫攻坚的决策部署，市调研组围绕全市脱贫攻坚工作，深入各县（市、区）开展专题调研，通过召开座谈会、实地察看、走访群众等方式，全面了解掌握全市脱贫攻坚工作推进情况，现将调研情况报告如下。近年来，我市坚持以脱贫攻坚统揽经济社会发展全局，坚持精准扶贫精准脱贫基本方略，聚焦产业扶贫、安居扶贫、健康扶贫、教育扶贫、就业扶贫等重点工作，扎实推进各项扶贫政策落地见效，贫困人口大幅减少，贫困地区生产生活条件明显改善，群众获得感明显增强。

为深入贯彻落实中央和省委关于脱贫攻坚的决策部署，市调研组围绕全市脱贫攻坚工作，深入各县（市、区）开展专题调研，通过召开座谈会、实地察看、走访群众等方式，全面了解掌握全市脱贫攻坚工作推进情况，现将调研情况报告如下。近年来，我市坚持以脱贫攻坚统揽经济社会发展全局，坚持精准扶贫精准脱贫基本方略，聚焦产业扶贫、安居扶贫、健康扶贫、教育扶贫、就业扶贫等重点工作，扎实推进各项扶贫政策落地见效，贫困人口大幅减少，贫困地区生产生活条件明显改善，群众获得感明显增强。

为深入贯彻落实中央和省委关于脱贫攻坚的决策部署，市调研组围绕全市脱贫攻坚工作，深入各县（市、区）开展专题调研，通过召开座谈会、实地察看、走访群众等方式，全面了解掌握全市脱贫攻坚工作推进情况，现将调研情况报告如下。近年来，我市坚持以脱贫攻坚统揽经济社会发展全局，坚持精准扶贫精准脱贫基本方略，聚焦产业扶贫、安居扶贫、健康扶贫、教育扶贫、就业扶贫等重点工作，扎实推进各项扶贫政策落地见效，贫困人口大幅减少，贫困地区生产生活条件明显改善，群众获得感明显增强。

为深入贯彻落实中央和省委关于脱贫攻坚的决策部署，市调研组围绕全市脱贫攻坚工作，深入各县（市、区）开展专题调研，通过召开座谈会、实地察看、走访群众等方式，全面了解掌握全市脱贫攻坚工作推进情况，现将调研情况报告如下。近年来，我市坚持以脱贫攻坚统揽经济社会发展全局，坚持精准扶贫精准脱贫基本方略，聚焦产业扶贫、安居扶贫、健康扶贫、教育扶贫、就业扶贫等重点工作，扎实推进各项扶贫政策落地见效，贫困人口大幅减少，贫困地区生产生活条件明显改善，群众获得感明显增强。

为深入贯彻落实中央和省委关于脱贫攻坚的决策部署，市调研组围绕全市脱贫攻坚工作，深入各县（市、区）开展专题调研，通过召开座谈会、实地察看、走访群众等方式，全面了解掌握全市脱贫攻坚工作推进情况，现将调研情况报告如下。近年 会发展全局，坚持精准扶贫精准脱贫基本方略，聚焦产业扶贫、安居扶贫、健康扶贫、教育扶贫、就业扶贫等重点工作，扎实推进各项扶贫政策落地见效，贫困人口大幅减少，贫困地区生产生活条件明显改善，群众获得感明显增强。

为深入贯彻落实中央和省委关于脱贫攻坚的决策部署，市调研组围绕全市脱贫攻坚工作，深入各县（市、区）开展专题调研，通过召开座谈会、实地察看、走访群众等方式，全面了解掌握全市脱贫攻坚工作推进情况，现将调研情况报告如下。近年来，我市坚持以脱贫攻坚统揽经济社会发展全局，坚持精准扶贫精准脱贫基本方略，聚焦产业扶贫、安居扶贫、健康扶贫、教育扶贫、就业扶贫等重点工作，扎实推进各项扶贫政策落地见效，贫困人口大幅减少，贫困地区生产生活条件明显改善，群众获得感明显增强。

为深入贯彻落实中央和省委关于脱贫攻坚的决策部署，市调研组围绕全市脱贫攻坚工作，深入各县（市、区）开展专题调研，通过召开座谈会、实地察看、走访群众等方式，全面了解掌握全市脱贫攻坚工作推进情况，现将调研情况报告如下。近年来，我市坚持以脱贫攻坚统揽经济社会发展全局，坚持精准扶贫精准脱贫基本方略，聚焦产业扶贫、安居扶贫、健康扶贫、教育扶贫、就业扶贫等重点工作，扎实推进各项扶贫政策落地见效，贫困人口大幅减少，贫困地区生产生活条件明显改善，群众获得感明显增强。

为深入贯彻落实中央和省委关于脱贫攻坚的决策部署，市调研组围绕全市脱贫攻坚工作，深入各县（市、区）开展专题调研，通过召开座谈会、实地察看、走访群众等方式，全面了解掌握全市脱贫攻坚工作推进情况，现将调研情况报告如下。近年来，我市坚持以脱贫攻坚统揽经济社会发展全局，坚持精准扶贫精准脱贫基本方略，聚焦产业扶贫、安居扶贫、健康扶贫、教育扶贫、就业扶贫等重点工作，扎实推进各项扶贫政策落地见效，贫困人口大幅减少，贫困地区生产生活条件明显改善，群众获得感明显增强。

为深入贯彻落实中央和省委关于脱贫攻坚的决策部署，市调研组围绕全市脱贫攻坚工作，深入各县（市、区）开展专题调研，通过召开座谈会、实地察看、走访群众等方式，全面了解掌握全市脱贫攻坚工作推进情况，现将调研情况报告如下。近年来，我市坚持以脱贫攻坚统揽经济社会发展全局，坚持精准扶贫精准脱贫基本方略，聚焦产业扶贫、安居扶贫、健康扶贫、教育扶贫、就业扶贫等重点工作，扎实推进各项扶贫政策落地见效，贫困人口大幅减少，贫困地区生产生活条件明显改善，群众获得感明显增强。

为深入贯彻落实中央和省委关于脱贫攻坚的决策部署，市调研组围绕全市脱贫攻坚工作，深入各县（市、区）开展专题调研，通过召开座谈会、实地察看、走访群众等方式，全面了解掌握全市脱贫攻坚工作推进情况，现将调研情况报告如下。近年来，我市坚持以脱贫攻坚统揽经济社会发展全局，坚持精准扶贫精准脱贫基本方略，聚焦产业扶贫、安居扶贫、健康扶贫、教育扶贫、就业扶贫等重点工作，扎实推进各项扶贫政策落地见效，贫困人口大幅减少，贫困地区生产生活条件明显改善，群众获得感明显增强。

为深入贯彻落实中央和省委关于脱贫攻坚的决策部署，市调研组围绕全市脱贫攻坚工作，深入各县（市、区）开展专题调研，通过召开座谈会、实地察看、走访群众等方式，全面了解掌握全市脱贫攻坚工作推进情况，现将调研情况报告如下。近年来，我市坚持以脱贫攻坚统揽经济社会发展全局，坚持精准扶贫精准脱贫基本方略，聚焦产业扶贫、安居扶贫、健康扶贫、教育扶贫、就业扶贫等重点工作，扎实推进各项扶贫政策落地见效，贫困人口大幅减少，贫困地区生产生活条件明显改善，群众获得感明显增强。

为深入贯彻落实中央和省委关于脱贫攻坚的决策部署，市调研组围绕全市脱贫攻坚工作，深入各县（市、区）开展专题调研，通过召开座谈会、实地察看、走访群众等方式，全面了解掌握全市脱贫攻坚工作推进情况，现将调研情况报告如下。近年来，我市坚持以脱贫攻坚统揽经济社会发展全局，坚持精准扶贫精准脱贫基本方略，聚焦产业扶贫、安居扶贫、健康扶贫、教育扶贫、就业扶贫等重点工作，扎实推进各项扶贫政策落地见效，贫困人口大幅减少，贫困地区生产生活条件明显改善，群众获得感明显增强。
